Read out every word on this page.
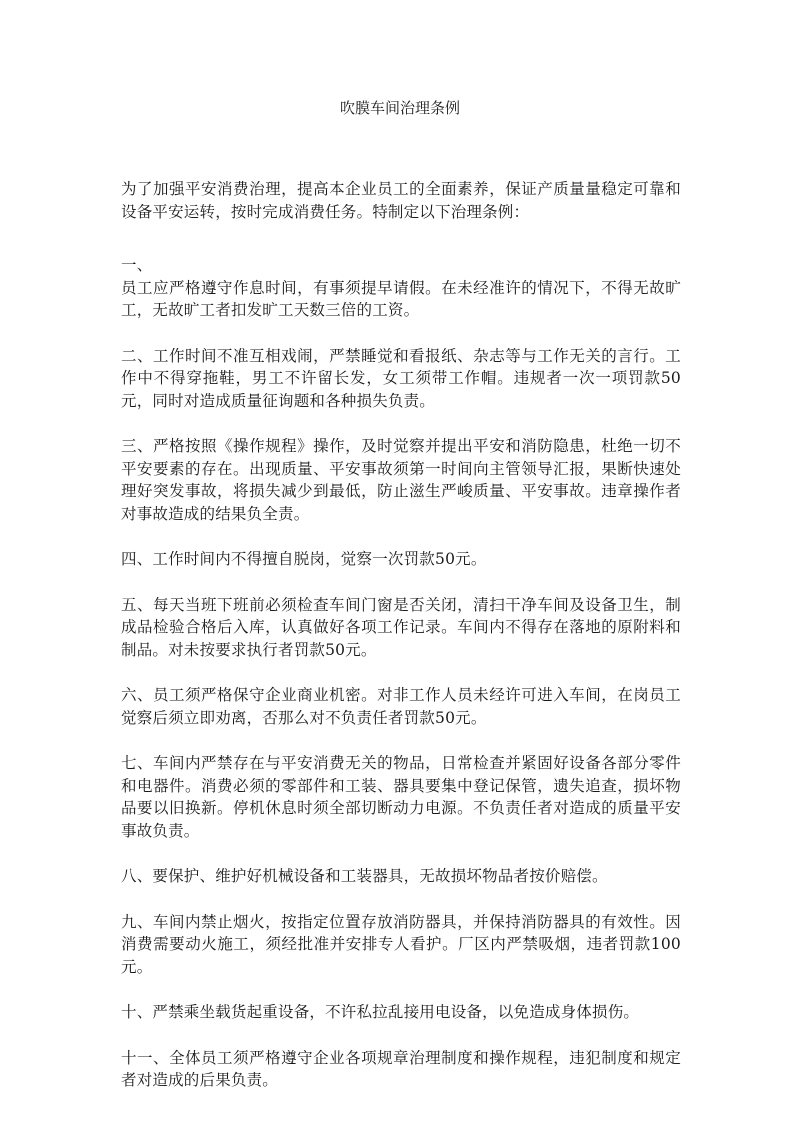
吹膜车间治理条例

为了加强平安消费治理，提高本企业员工的全面素养，保证产质量量稳定可靠和设备平安运转，按时完成消费任务。特制定以下治理条例：

一、
员工应严格遵守作息时间，有事须提早请假。在未经准许的情况下，不得无故旷工，无故旷工者扣发旷工天数三倍的工资。

二、工作时间不准互相戏闹，严禁睡觉和看报纸、杂志等与工作无关的言行。工作中不得穿拖鞋，男工不许留长发，女工须带工作帽。违规者一次一项罚款50元，同时对造成质量征询题和各种损失负责。

三、严格按照《操作规程》操作，及时觉察并提出平安和消防隐患，杜绝一切不平安要素的存在。出现质量、平安事故须第一时间向主管领导汇报，果断快速处理好突发事故，将损失减少到最低，防止滋生严峻质量、平安事故。违章操作者对事故造成的结果负全责。

四、工作时间内不得擅自脱岗，觉察一次罚款50元。

五、每天当班下班前必须检查车间门窗是否关闭，清扫干净车间及设备卫生，制成品检验合格后入库，认真做好各项工作记录。车间内不得存在落地的原附料和制品。对未按要求执行者罚款50元。

六、员工须严格保守企业商业机密。对非工作人员未经许可进入车间，在岗员工觉察后须立即劝离，否那么对不负责任者罚款50元。

七、车间内严禁存在与平安消费无关的物品，日常检查并紧固好设备各部分零件和电器件。消费必须的零部件和工装、器具要集中登记保管，遗失追查，损坏物品要以旧换新。停机休息时须全部切断动力电源。不负责任者对造成的质量平安事故负责。

八、要保护、维护好机械设备和工装器具，无故损坏物品者按价赔偿。

九、车间内禁止烟火，按指定位置存放消防器具，并保持消防器具的有效性。因消费需要动火施工，须经批准并安排专人看护。厂区内严禁吸烟，违者罚款100元。

十、严禁乘坐载货起重设备，不许私拉乱接用电设备，以免造成身体损伤。

十一、全体员工须严格遵守企业各项规章治理制度和操作规程，违犯制度和规定者对造成的后果负责。
